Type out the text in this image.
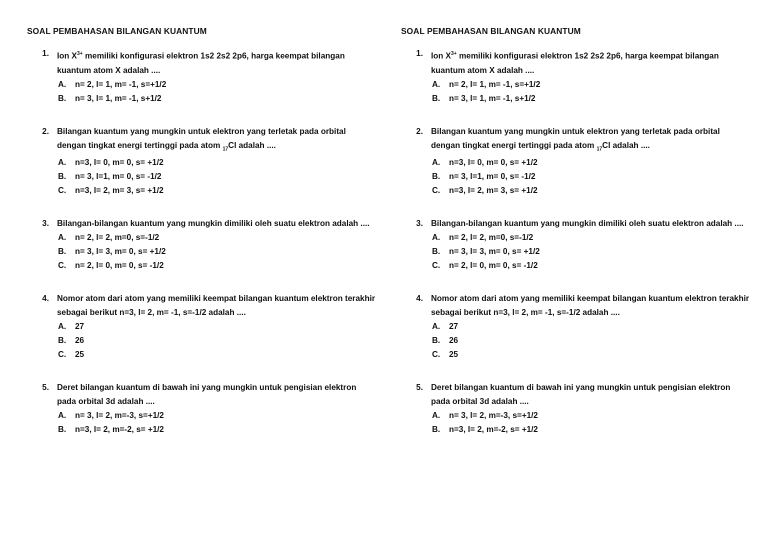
SOAL PEMBAHASAN BILANGAN KUANTUM
1. Ion $X^{3+}$ memiliki konfigurasi elektron 1s2 2s2 2p6, harga keempat bilangan kuantum atom X adalah ....
A.	n= 2, l= 1, m= -1, s=+1/2
B.	n= 3, l= 1, m= -1, s+1/2
2. Bilangan kuantum yang mungkin untuk elektron yang terletak pada orbital dengan tingkat energi tertinggi pada atom $_{17}$Cl adalah ....
A.	n=3, l= 0, m= 0, s= +1/2
B.	n= 3, l=1, m= 0, s= -1/2
C.	n=3, l= 2, m= 3, s= +1/2
3. Bilangan-bilangan kuantum yang mungkin dimiliki oleh suatu elektron adalah ....
A.	n= 2, l= 2, m=0, s=-1/2
B.	n= 3, l= 3, m= 0, s= +1/2
C.	n= 2, l= 0, m= 0, s= -1/2
4. Nomor atom dari atom yang memiliki keempat bilangan kuantum elektron terakhir sebagai berikut n=3, l= 2, m= -1, s=-1/2 adalah ....
A.	27
B.	26
C.	25
5. Deret bilangan kuantum di bawah ini yang mungkin untuk pengisian elektron pada orbital 3d adalah ....
A.	n= 3, l= 2, m=-3, s=+1/2
B.	n=3, l= 2, m=-2, s= +1/2
SOAL PEMBAHASAN BILANGAN KUANTUM
1. Ion $X^{3+}$ memiliki konfigurasi elektron 1s2 2s2 2p6, harga keempat bilangan kuantum atom X adalah ....
A.	n= 2, l= 1, m= -1, s=+1/2
B.	n= 3, l= 1, m= -1, s+1/2
2. Bilangan kuantum yang mungkin untuk elektron yang terletak pada orbital dengan tingkat energi tertinggi pada atom $_{17}$Cl adalah ....
A.	n=3, l= 0, m= 0, s= +1/2
B.	n= 3, l=1, m= 0, s= -1/2
C.	n=3, l= 2, m= 3, s= +1/2
3. Bilangan-bilangan kuantum yang mungkin dimiliki oleh suatu elektron adalah ....
A.	n= 2, l= 2, m=0, s=-1/2
B.	n= 3, l= 3, m= 0, s= +1/2
C.	n= 2, l= 0, m= 0, s= -1/2
4. Nomor atom dari atom yang memiliki keempat bilangan kuantum elektron terakhir sebagai berikut n=3, l= 2, m= -1, s=-1/2 adalah ....
A.	27
B.	26
C.	25
5. Deret bilangan kuantum di bawah ini yang mungkin untuk pengisian elektron pada orbital 3d adalah ....
A.	n= 3, l= 2, m=-3, s=+1/2
B.	n=3, l= 2, m=-2, s= +1/2
